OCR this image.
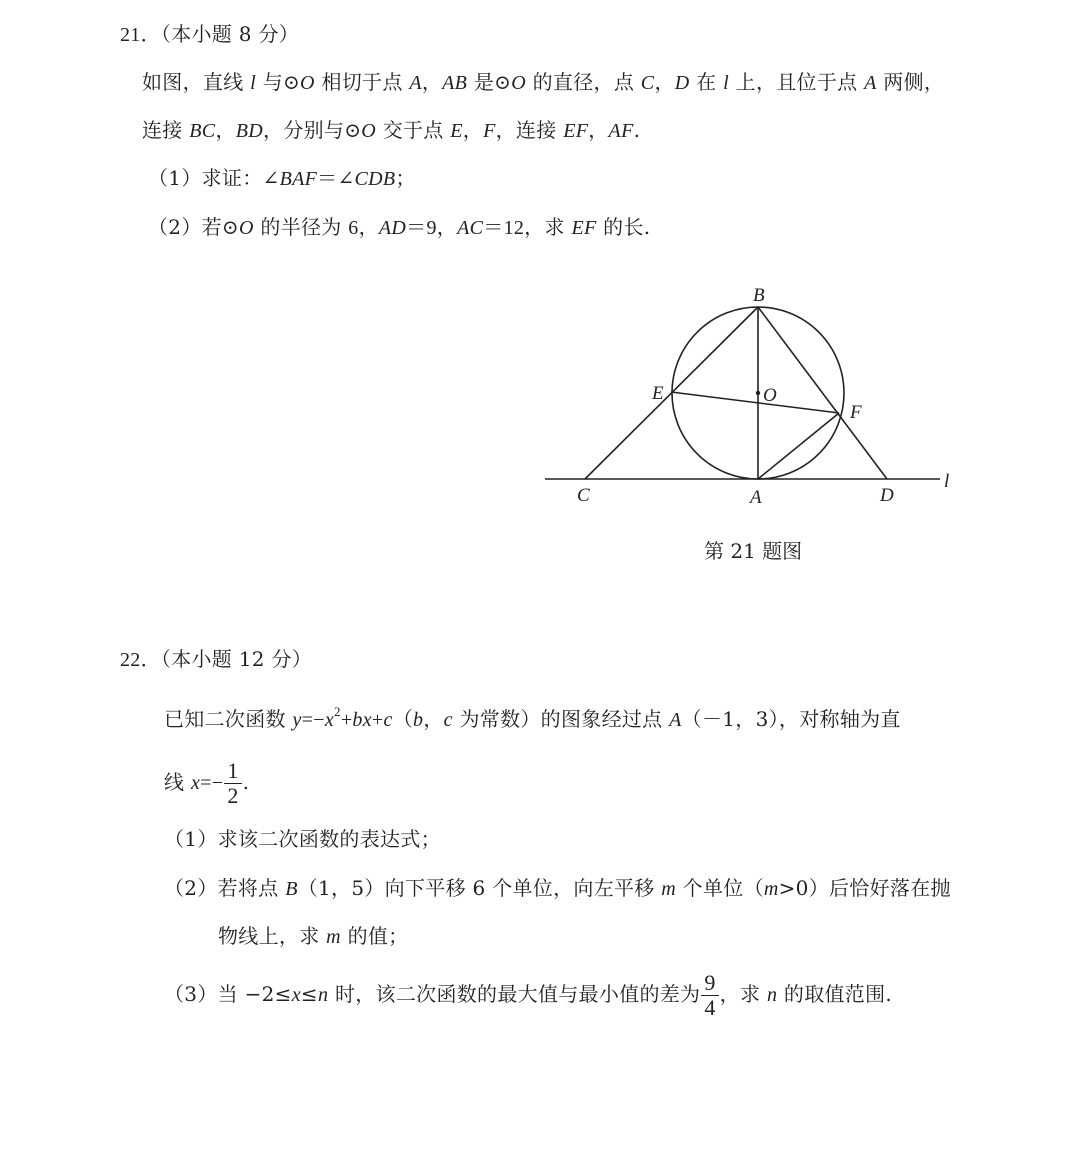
21．（本小题 8 分）
如图，直线 l 与⊙O 相切于点 A，AB 是⊙O 的直径，点 C，D 在 l 上，且位于点 A 两侧，
连接 BC，BD，分别与⊙O 交于点 E，F，连接 EF，AF.
（1）求证：∠BAF＝∠CDB；
（2）若⊙O 的半径为 6，AD＝9，AC＝12，求 EF 的长.
B
E	O
F
C	A	D
l
第 21 题图
22．（本小题 12 分）
已知二次函数 $y=-x^2+bx+c(b$，c 为常数）的图象经过点 A（－1，3），对称轴为直
线 $x=- \frac{1}{2}$ .
（1）求该二次函数的表达式；
（2）若将点 B（1，5）向下平移 6 个单位，向左平移 m 个单位（m>0）后恰好落在抛
物线上，求 m 的值；
（3）当 −2≤x≤n 时，该二次函数的最大值与最小值的差为 $\frac{9}{4}$ ，求 n 的取值范围.
